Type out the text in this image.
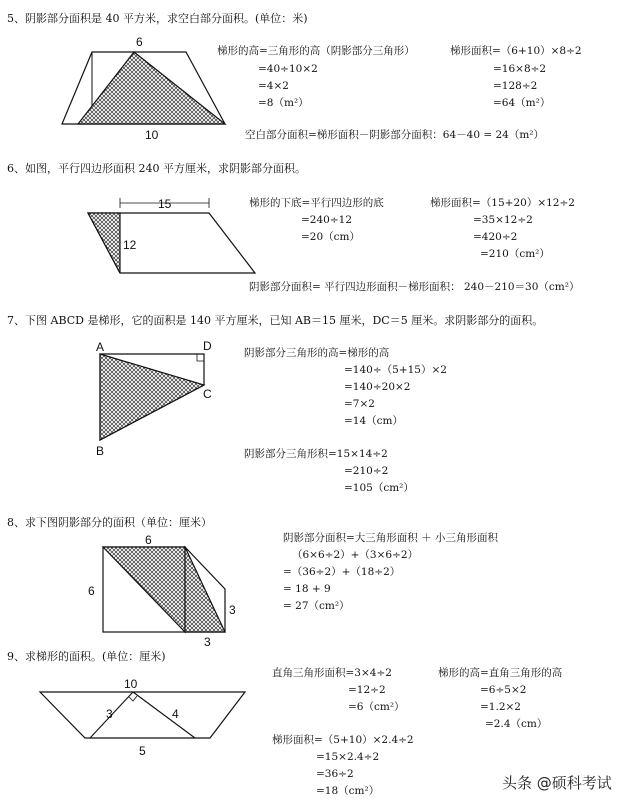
6
10
15
12
A	D
C
B
6
6
3
3
10
3	4
5
5、阴影部分面积是 40 平方米，求空白部分面积。(单位：米)
梯形的高=三角形的高（阴影部分三角形）
=40÷10×2
=4×2
=8（m²）
梯形面积=（6+10）×8÷2
=16×8÷2
=128÷2
=64（m²）
空白部分面积=梯形面积－阴影部分面积：64－40 = 24（m²）
6、如图，平行四边形面积 240 平方厘米，求阴影部分面积。
梯形的下底=平行四边形的底
=240÷12
=20（cm）
梯形面积=（15+20）×12÷2
=35×12÷2
=420÷2
=210（cm²）
阴影部分面积= 平行四边形面积－梯形面积： 240－210＝30（cm²）
7、下图 ABCD 是梯形，它的面积是 140 平方厘米，已知 AB＝15 厘米，DC＝5 厘米。求阴影部分的面积。
阴影部分三角形的高=梯形的高
=140÷（5+15）×2
=140÷20×2
=7×2
=14（cm）
阴影部分三角形积=15×14÷2
=210÷2
=105（cm²）
8、求下图阴影部分的面积（单位：厘米）
阴影部分面积=大三角形面积 ＋ 小三角形面积
（6×6÷2）+（3×6÷2）
=（36÷2）+（18÷2）
= 18 + 9
= 27（cm²）
9、求梯形的面积。(单位：厘米)
直角三角形面积=3×4÷2
=12÷2
=6（cm²）
梯形的高=直角三角形的高
=6÷5×2
=1.2×2
=2.4（cm）
梯形面积=（5+10）×2.4÷2
=15×2.4÷2
=36÷2
=18（cm²）	头条 @硕科考试
